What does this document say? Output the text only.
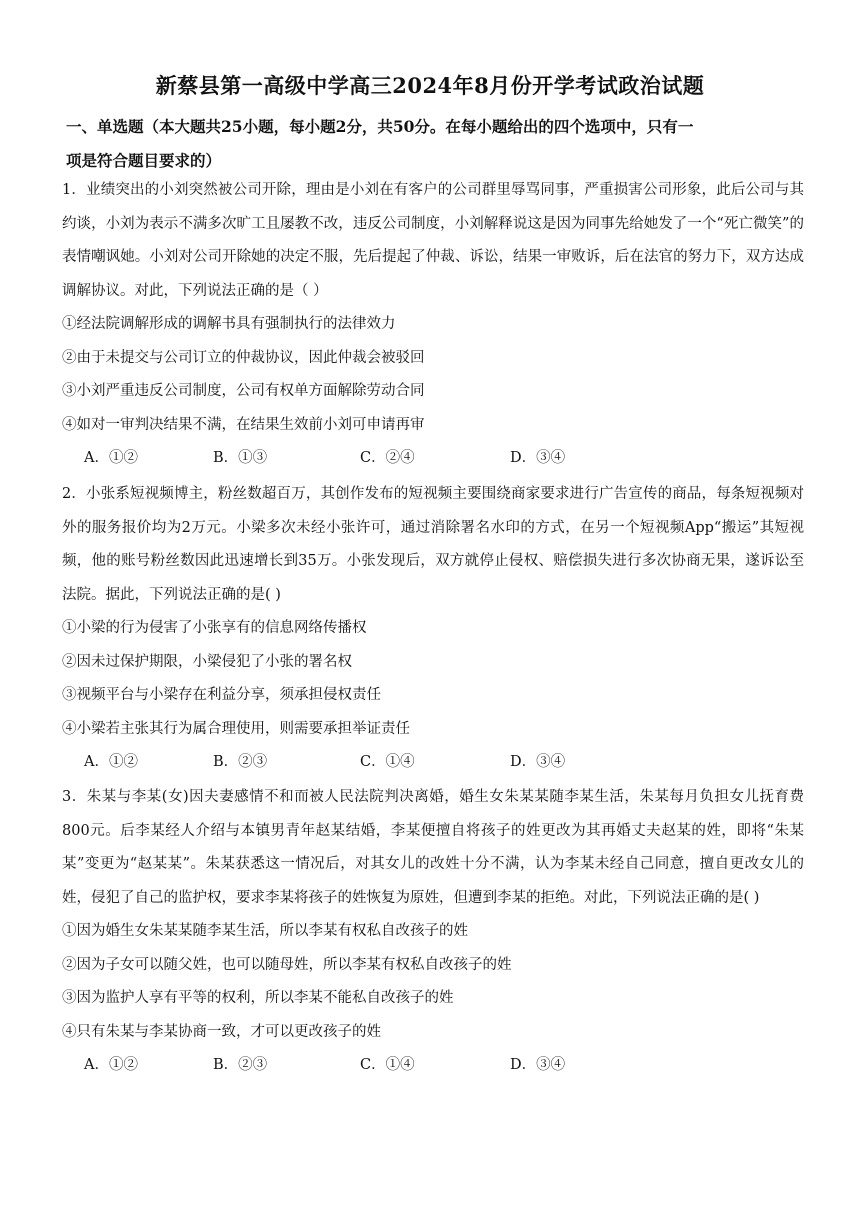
新蔡县第一高级中学高三2024年8月份开学考试政治试题
一、单选题（本大题共25小题，每小题2分，共50分。在每小题给出的四个选项中，只有一
项是符合题目要求的）
1．业绩突出的小刘突然被公司开除，理由是小刘在有客户的公司群里辱骂同事，严重损害公司形象，此后公司与其约谈，小刘为表示不满多次旷工且屡教不改，违反公司制度，小刘解释说这是因为同事先给她发了一个“死亡微笑”的表情嘲讽她。小刘对公司开除她的决定不服，先后提起了仲裁、诉讼，结果一审败诉，后在法官的努力下，双方达成调解协议。对此，下列说法正确的是（ ）
①经法院调解形成的调解书具有强制执行的法律效力
②由于未提交与公司订立的仲裁协议，因此仲裁会被驳回
③小刘严重违反公司制度，公司有权单方面解除劳动合同
④如对一审判决结果不满，在结果生效前小刘可申请再审
A．①②	B．①③	C．②④	D．③④
2．小张系短视频博主，粉丝数超百万，其创作发布的短视频主要围绕商家要求进行广告宣传的商品，每条短视频对外的服务报价均为2万元。小梁多次未经小张许可，通过消除署名水印的方式，在另一个短视频App“搬运”其短视频，他的账号粉丝数因此迅速增长到35万。小张发现后，双方就停止侵权、赔偿损失进行多次协商无果，遂诉讼至法院。据此，下列说法正确的是( )
①小梁的行为侵害了小张享有的信息网络传播权
②因未过保护期限，小梁侵犯了小张的署名权
③视频平台与小梁存在利益分享，须承担侵权责任
④小梁若主张其行为属合理使用，则需要承担举证责任
A．①②	B．②③	C．①④	D．③④
3．朱某与李某(女)因夫妻感情不和而被人民法院判决离婚，婚生女朱某某随李某生活，朱某每月负担女儿抚育费800元。后李某经人介绍与本镇男青年赵某结婚，李某便擅自将孩子的姓更改为其再婚丈夫赵某的姓，即将“朱某某”变更为“赵某某”。朱某获悉这一情况后，对其女儿的改姓十分不满，认为李某未经自己同意，擅自更改女儿的姓，侵犯了自己的监护权，要求李某将孩子的姓恢复为原姓，但遭到李某的拒绝。对此，下列说法正确的是( )
①因为婚生女朱某某随李某生活，所以李某有权私自改孩子的姓
②因为子女可以随父姓，也可以随母姓，所以李某有权私自改孩子的姓
③因为监护人享有平等的权利，所以李某不能私自改孩子的姓
④只有朱某与李某协商一致，才可以更改孩子的姓
A．①②	B．②③	C．①④	D．③④
